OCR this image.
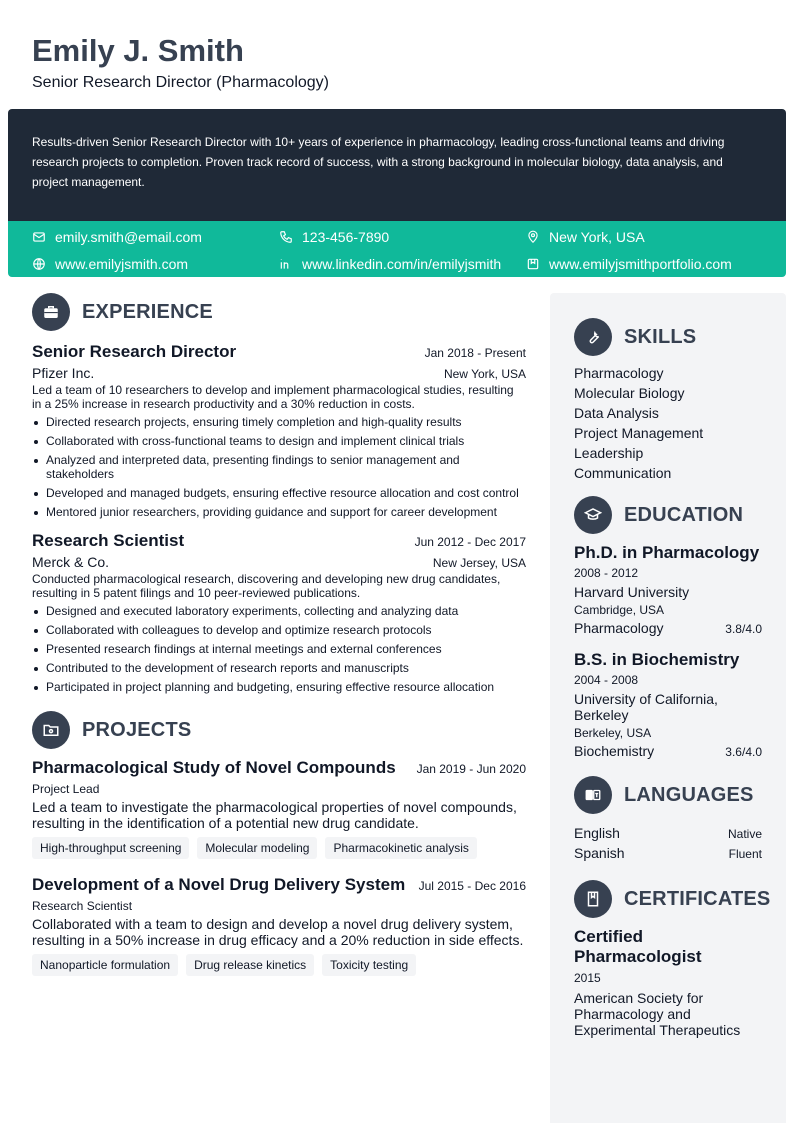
Emily J. Smith
Senior Research Director (Pharmacology)
Results-driven Senior Research Director with 10+ years of experience in pharmacology, leading cross-functional teams and driving research projects to completion. Proven track record of success, with a strong background in molecular biology, data analysis, and project management.
emily.smith@email.com	123-456-7890	New York, USA
www.emilyjsmith.com	www.linkedin.com/in/emilyjsmith	www.emilyjsmithportfolio.com
EXPERIENCE
Senior Research Director	Jan 2018 - Present
Pfizer Inc.	New York, USA
Led a team of 10 researchers to develop and implement pharmacological studies, resulting in a 25% increase in research productivity and a 30% reduction in costs.
Directed research projects, ensuring timely completion and high-quality results
Collaborated with cross-functional teams to design and implement clinical trials
Analyzed and interpreted data, presenting findings to senior management and stakeholders
Developed and managed budgets, ensuring effective resource allocation and cost control
Mentored junior researchers, providing guidance and support for career development
Research Scientist	Jun 2012 - Dec 2017
Merck & Co.	New Jersey, USA
Conducted pharmacological research, discovering and developing new drug candidates, resulting in 5 patent filings and 10 peer-reviewed publications.
Designed and executed laboratory experiments, collecting and analyzing data
Collaborated with colleagues to develop and optimize research protocols
Presented research findings at internal meetings and external conferences
Contributed to the development of research reports and manuscripts
Participated in project planning and budgeting, ensuring effective resource allocation
PROJECTS
Pharmacological Study of Novel Compounds Jan 2019 - Jun 2020
Project Lead
Led a team to investigate the pharmacological properties of novel compounds, resulting in the identification of a potential new drug candidate.
High-throughput screening	Molecular modeling	Pharmacokinetic analysis
Development of a Novel Drug Delivery System Jul 2015 - Dec 2016
Research Scientist
Collaborated with a team to design and develop a novel drug delivery system, resulting in a 50% increase in drug efficacy and a 20% reduction in side effects.
Nanoparticle formulation	Drug release kinetics	Toxicity testing
SKILLS
Pharmacology
Molecular Biology
Data Analysis
Project Management
Leadership
Communication
EDUCATION
Ph.D. in Pharmacology
2008 - 2012
Harvard University
Cambridge, USA
Pharmacology	3.8/4.0
B.S. in Biochemistry
2004 - 2008
University of California, Berkeley
Berkeley, USA
Biochemistry	3.6/4.0
LANGUAGES
English	Native
Spanish	Fluent
CERTIFICATES
Certified Pharmacologist
2015
American Society for Pharmacology and Experimental Therapeutics
